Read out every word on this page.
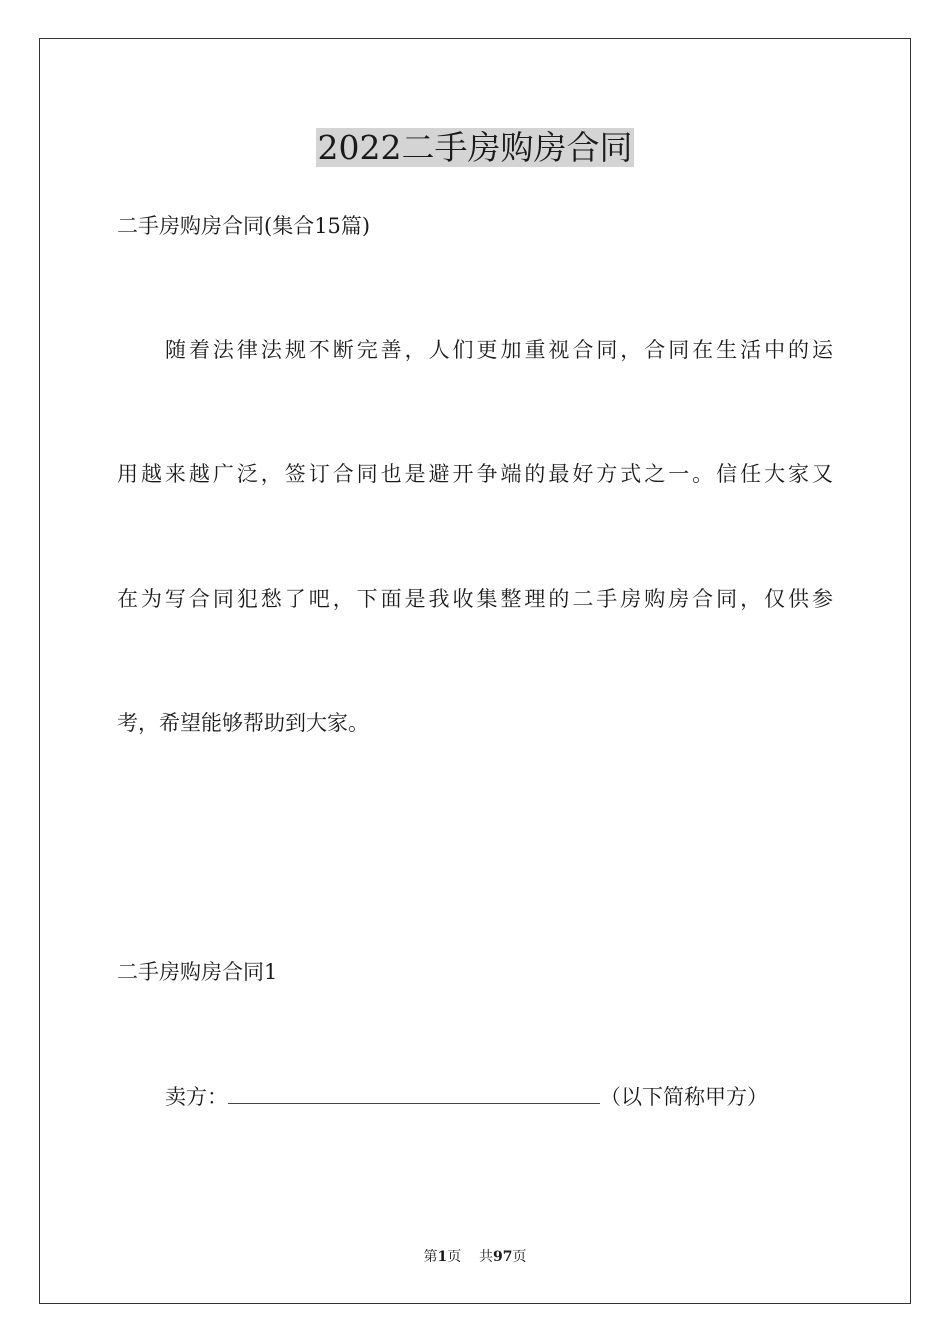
2022二手房购房合同

二手房购房合同(集合15篇)

随着法律法规不断完善，人们更加重视合同，合同在生活中的运

用越来越广泛，签订合同也是避开争端的最好方式之一。信任大家又

在为写合同犯愁了吧，下面是我收集整理的二手房购房合同，仅供参

考，希望能够帮助到大家。

二手房购房合同1

卖方：	（以下简称甲方）
第1页 共97页
